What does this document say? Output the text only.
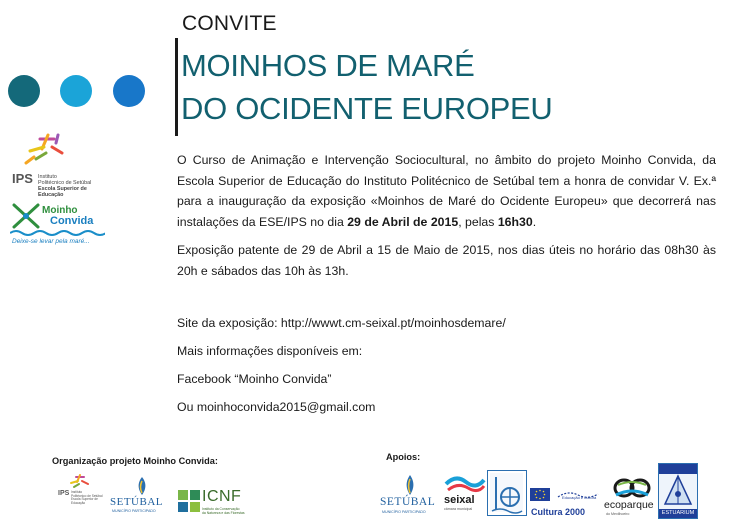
CONVITE
MOINHOS DE MARÉ
DO OCIDENTE EUROPEU
IPS Instituto
Politécnico de Setúbal
Escola Superior de
Educação
Moinho
Convida
Deixe-se levar pela maré...

O Curso de Animação e Intervenção Sociocultural, no âmbito do projeto Moinho Convida, da Escola Superior de Educação do Instituto Politécnico de Setúbal tem a honra de convidar V. Ex.ª para a inauguração da exposição «Moinhos de Maré do Ocidente Europeu» que decorrerá nas instalações da ESE/IPS no dia 29 de Abril de 2015, pelas 16h30.

Exposição patente de 29 de Abril a 15 de Maio de 2015, nos dias úteis no horário das 08h30 às 20h e sábados das 10h às 13h.

Site da exposição: http://wwwt.cm-seixal.pt/moinhosdemare/
Mais informações disponíveis em:
Facebook “Moinho Convida”
Ou moinhoconvida2015@gmail.com
Organização projeto Moinho Convida:	Apoios:
IPS Instituto
Politécnico de Setúbal
Escola Superior de
Educação	SETÚBAL
MUNICÍPIO PARTICIPADO
ICNF
Instituto da Conservação
da Natureza e das Florestas
SETÚBAL
MUNICÍPIO PARTICIPADO
seixal
câmara municipal
Educação e cultura
Cultura 2000
ecoparque
do Mexilhoeiro	ESTUARIUM
